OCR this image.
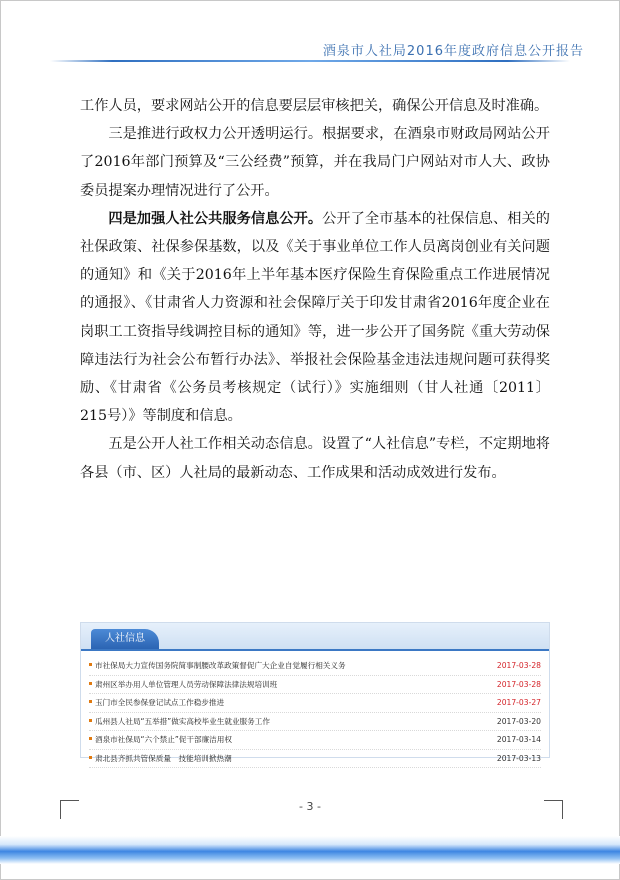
酒泉市人社局2016年度政府信息公开报告

工作人员，要求网站公开的信息要层层审核把关，确保公开信息及时准确。

三是推进行政权力公开透明运行。根据要求，在酒泉市财政局网站公开了2016年部门预算及“三公经费”预算，并在我局门户网站对市人大、政协委员提案办理情况进行了公开。

四是加强人社公共服务信息公开。公开了全市基本的社保信息、相关的社保政策、社保参保基数，以及《关于事业单位工作人员离岗创业有关问题的通知》和《关于2016年上半年基本医疗保险生育保险重点工作进展情况的通报》、《甘肃省人力资源和社会保障厅关于印发甘肃省2016年度企业在岗职工工资指导线调控目标的通知》等，进一步公开了国务院《重大劳动保障违法行为社会公布暂行办法》、举报社会保险基金违法违规问题可获得奖励、《甘肃省《公务员考核规定（试行）》实施细则（甘人社通〔2011〕215号）》等制度和信息。

五是公开人社工作相关动态信息。设置了“人社信息”专栏，不定期地将各县（市、区）人社局的最新动态、工作成果和活动成效进行发布。

人社信息
市社保局大力宣传国务院简事制腰改革政策督促广大企业自觉履行相关义务	2017-03-28
肃州区举办用人单位管理人员劳动保障法律法规培训班	2017-03-28
玉门市全民参保登记试点工作稳步推进	2017-03-27
瓜州县人社局“五举措”做实高校毕业生就业服务工作	2017-03-20
酒泉市社保局“六个禁止”促干部廉洁用权	2017-03-14
肃北县齐抓共管保质量　技能培训掀热潮	2017-03-13
- 3 -
